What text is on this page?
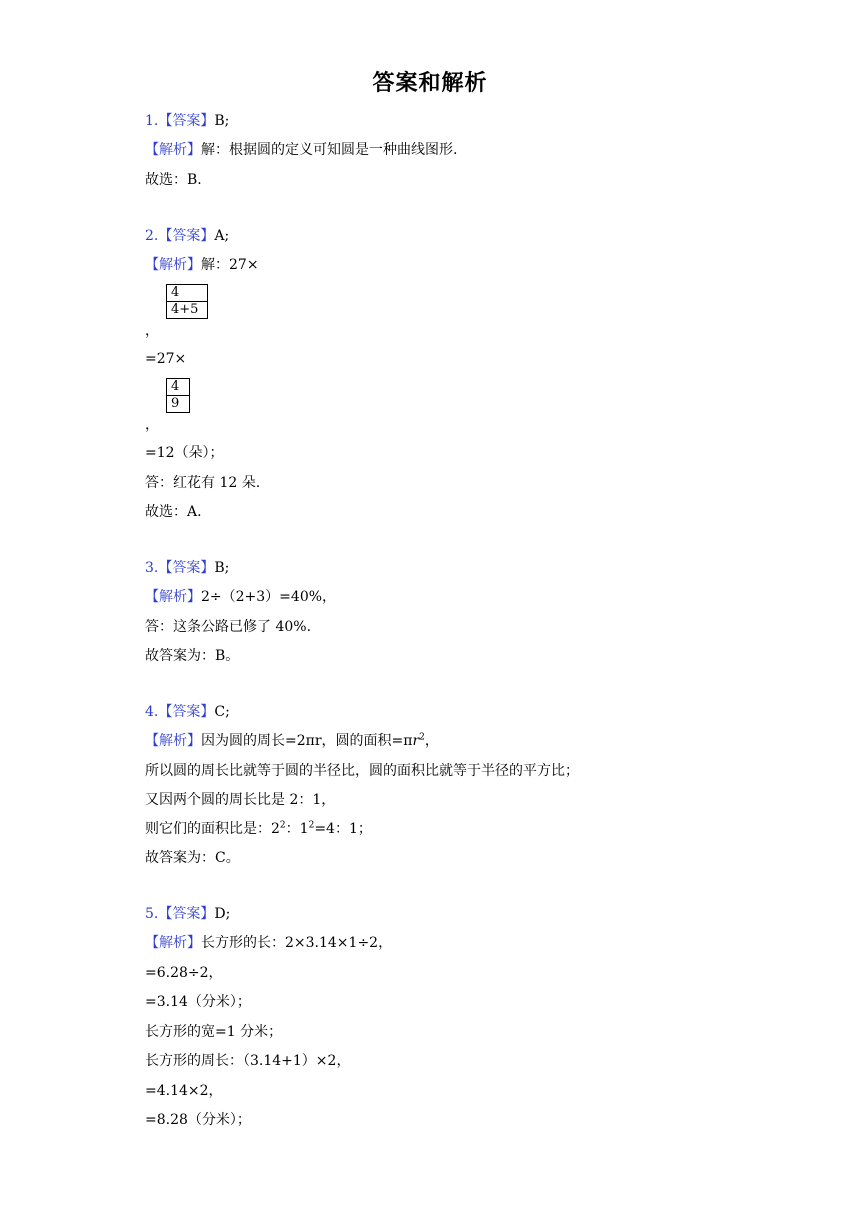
答案和解析
1.【答案】B;
【解析】解：根据圆的定义可知圆是一种曲线图形.
故选：B.
2.【答案】A;
【解析】解：27×
4
4+5
，
=27×
4
9
，
=12（朵）；
答：红花有 12 朵.
故选：A.
3.【答案】B;
【解析】2÷（2+3）=40%，
答：这条公路已修了 40%.
故答案为：B。
4.【答案】C;
【解析】因为圆的周长=2πr，圆的面积$=\pi r^2$，
所以圆的周长比就等于圆的半径比，圆的面积比就等于半径的平方比；
又因两个圆的周长比是 2：1，
则它们的面积比是：$2^2$：$1^2=4$：1；
故答案为：C。
5.【答案】D;
【解析】长方形的长：2×3.14×1÷2，
=6.28÷2，
=3.14（分米）；
长方形的宽=1 分米；
长方形的周长：（3.14+1）×2，
=4.14×2，
=8.28（分米）；
